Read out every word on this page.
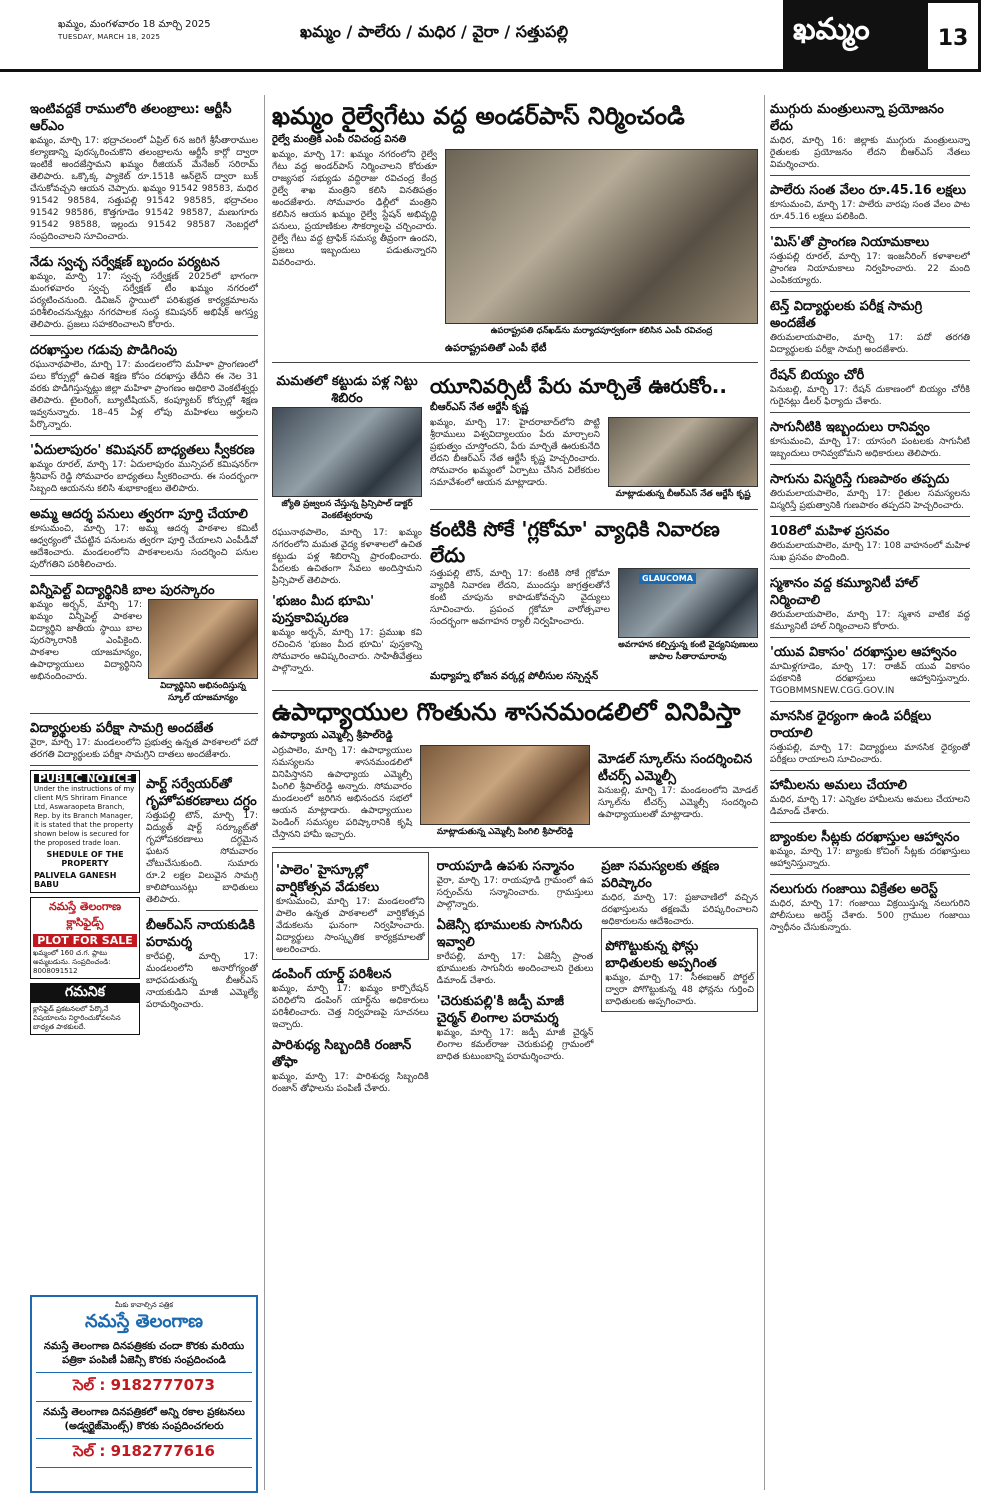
ఖమ్మం, మంగళవారం 18 మార్చి 2025
TUESDAY, MARCH 18, 2025	ఖమ్మం / పాలేరు / మధిర / వైరా / సత్తుపల్లి	ఖమ్మం	13
ఇంటివద్దకే రాములోరి తలంబ్రాలు: ఆర్టీసీ ఆర్‌ఎం
ఖమ్మం, మార్చి 17: భద్రాచలంలో ఏప్రిల్ 6న జరిగే శ్రీసీతారాముల కల్యాణాన్ని పురస్కరించుకొని తలంబ్రాలను ఆర్టీసీ కార్గో ద్వారా ఇంటికే అందజేస్తామని ఖమ్మం రీజియన్ మేనేజర్ సరిరామ్ తెలిపారు. ఒక్కొక్క ప్యాకెట్ రూ.151కి ఆన్‌లైన్ ద్వారా బుక్ చేసుకోవచ్చని ఆయన చెప్పారు. ఖమ్మం 91542 98583, మధిర 91542 98584, సత్తుపల్లి 91542 98585, భద్రాచలం 91542 98586, కొత్తగూడెం 91542 98587, మణుగూరు 91542 98588, ఇల్లందు 91542 98587 నెంబర్లలో సంప్రదించాలని సూచించారు.
నేడు స్వచ్ఛ సర్వేక్షణ్ బృందం పర్యటన
ఖమ్మం, మార్చి 17: స్వచ్ఛ సర్వేక్షణ్ 2025లో భాగంగా మంగళవారం స్వచ్ఛ సర్వేక్షణ్ టీం ఖమ్మం నగరంలో పర్యటించనుంది. డివిజన్ స్థాయిలో పరిశుభ్రత కార్యక్రమాలను పరిశీలించనున్నట్లు నగరపాలక సంస్థ కమిషనర్ అభిషేక్ అగస్త్య తెలిపారు. ప్రజలు సహకరించాలని కోరారు.
దరఖాస్తుల గడువు పొడిగింపు
రఘునాథపాలెం, మార్చి 17: మండలంలోని మహిళా ప్రాంగణంలో పలు కోర్సుల్లో ఉచిత శిక్షణ కోసం దరఖాస్తు తేదీని ఈ నెల 31 వరకు పొడిగిస్తున్నట్లు జిల్లా మహిళా ప్రాంగణం అధికారి వెంకటేశ్వర్లు తెలిపారు. టైలరింగ్, బ్యూటీషియన్, కంప్యూటర్ కోర్సుల్లో శిక్షణ ఇవ్వనున్నారు. 18–45 ఏళ్ల లోపు మహిళలు అర్హులని పేర్కొన్నారు.
'ఏదులాపురం' కమిషనర్ బాధ్యతలు స్వీకరణ
ఖమ్మం రూరల్, మార్చి 17: ఏదులాపురం మున్సిపల్ కమిషనర్‌గా శ్రీనివాస్ రెడ్డి సోమవారం బాధ్యతలు స్వీకరించారు. ఈ సందర్భంగా సిబ్బంది ఆయనను కలిసి శుభాకాంక్షలు తెలిపారు.
అమ్మ ఆదర్శ పనులు త్వరగా పూర్తి చేయాలి
కూసుమంచి, మార్చి 17: అమ్మ ఆదర్శ పాఠశాల కమిటీ ఆధ్వర్యంలో చేపట్టిన పనులను త్వరగా పూర్తి చేయాలని ఎంపీడీవో ఆదేశించారు. మండలంలోని పాఠశాలలను సందర్శించి పనుల పురోగతిని పరిశీలించారు.
విన్నీపెల్ట్ విద్యార్థినికి బాల పురస్కారం
ఖమ్మం అర్బన్, మార్చి 17: ఖమ్మం విన్నీపెల్ట్ పాఠశాల విద్యార్థిని జాతీయ స్థాయి బాల పురస్కారానికి ఎంపికైంది. పాఠశాల యాజమాన్యం, ఉపాధ్యాయులు విద్యార్థినిని అభినందించారు.
విద్యార్థినిని అభినందిస్తున్న స్కూల్ యాజమాన్యం
విద్యార్థులకు పరీక్షా సామగ్రి అందజేత
వైరా, మార్చి 17: మండలంలోని ప్రభుత్వ ఉన్నత పాఠశాలలో పదో తరగతి విద్యార్థులకు పరీక్షా సామగ్రిని దాతలు అందజేశారు.
PUBLIC NOTICE
Under the instructions of my client M/S Shriram Finance Ltd, Aswaraopeta Branch, Rep. by its Branch Manager, it is stated that the property shown below is secured for the proposed trade loan.
SHEDULE OF THE PROPERTY
PALIVELA GANESH BABU
నమస్తే తెలంగాణ క్లాసిఫైడ్స్
PLOT FOR SALE
ఖమ్మంలో 160 చ.గ. ప్లాటు అమ్మబడును. సంప్రదించండి: 8008091512
గమనిక
క్లాసిఫైడ్ ప్రకటనలలో పేర్కొనే విషయాలను నిర్ధారించుకోవలసిన బాధ్యత పాఠకులదే.
పార్ట్ సర్వేయర్‌తో గృహోపకరణాలు దగ్ధం
సత్తుపల్లి టౌన్, మార్చి 17: విద్యుత్ షార్ట్ సర్క్యూట్‌తో గృహోపకరణాలు దగ్ధమైన ఘటన సోమవారం చోటుచేసుకుంది. సుమారు రూ.2 లక్షల విలువైన సామగ్రి కాలిపోయినట్లు బాధితులు తెలిపారు.
బీఆర్ఎస్ నాయకుడికి పరామర్శ
కారేపల్లి, మార్చి 17: మండలంలోని అనారోగ్యంతో బాధపడుతున్న బీఆర్ఎస్ నాయకుడిని మాజీ ఎమ్మెల్యే పరామర్శించారు.
మీకు కావాల్సిన పత్రిక
నమస్తే తెలంగాణ
నమస్తే తెలంగాణ దినపత్రికకు చందా కొరకు మరియు పత్రికా పంపిణీ ఏజెన్సీ కొరకు సంప్రదించండి
సెల్ : 9182777073
నమస్తే తెలంగాణ దినపత్రికలో అన్ని రకాల ప్రకటనలు (అడ్వర్టైజ్‌మెంట్స్) కొరకు సంప్రదించగలరు
సెల్ : 9182777616
ఖమ్మం రైల్వేగేటు వద్ద అండర్‌పాస్ నిర్మించండి
రైల్వే మంత్రికి ఎంపీ రవిచంద్ర వినతి
ఖమ్మం, మార్చి 17: ఖమ్మం నగరంలోని రైల్వే గేటు వద్ద అండర్‌పాస్ నిర్మించాలని కోరుతూ రాజ్యసభ సభ్యుడు వద్దిరాజు రవిచంద్ర కేంద్ర రైల్వే శాఖ మంత్రిని కలిసి వినతిపత్రం అందజేశారు. సోమవారం ఢిల్లీలో మంత్రిని కలిసిన ఆయన ఖమ్మం రైల్వే స్టేషన్ అభివృద్ధి పనులు, ప్రయాణికుల సౌకర్యాలపై చర్చించారు. రైల్వే గేటు వద్ద ట్రాఫిక్ సమస్య తీవ్రంగా ఉందని, ప్రజలు ఇబ్బందులు పడుతున్నారని వివరించారు.
ఉపరాష్ట్రపతి ధన్‌ఖడ్‌ను మర్యాదపూర్వకంగా కలిసిన ఎంపీ రవిచంద్ర
ఉపరాష్ట్రపతితో ఎంపీ భేటీ
మమతలో కట్టుడు పళ్ల నిట్టు శిబిరం
జ్యోతి ప్రజ్వలన చేస్తున్న ప్రిన్సిపాల్ డాక్టర్ వెంకటేశ్వరరావు
రఘునాథపాలెం, మార్చి 17: ఖమ్మం నగరంలోని మమత వైద్య కళాశాలలో ఉచిత కట్టుడు పళ్ల శిబిరాన్ని ప్రారంభించారు. పేదలకు ఉచితంగా సేవలు అందిస్తామని ప్రిన్సిపాల్ తెలిపారు.
'భుజం మీద భూమి' పుస్తకావిష్కరణ
ఖమ్మం అర్బన్, మార్చి 17: ప్రముఖ కవి రచించిన 'భుజం మీద భూమి' పుస్తకాన్ని సోమవారం ఆవిష్కరించారు. సాహితీవేత్తలు పాల్గొన్నారు.
యూనివర్సిటీ పేరు మార్చితే ఊరుకోం..
బీఆర్ఎస్ నేత ఆర్జేసీ కృష్ణ
ఖమ్మం, మార్చి 17: హైదరాబాద్‌లోని పొట్టి శ్రీరాములు విశ్వవిద్యాలయం పేరు మార్చాలని ప్రభుత్వం చూస్తోందని, పేరు మార్చితే ఊరుకునేది లేదని బీఆర్ఎస్ నేత ఆర్జేసీ కృష్ణ హెచ్చరించారు. సోమవారం ఖమ్మంలో ఏర్పాటు చేసిన విలేకరుల సమావేశంలో ఆయన మాట్లాడారు.
మాట్లాడుతున్న బీఆర్ఎస్ నేత ఆర్జేసీ కృష్ణ
కంటికి సోకే 'గ్లకోమా' వ్యాధికి నివారణ లేదు
సత్తుపల్లి టౌన్, మార్చి 17: కంటికి సోకే గ్లకోమా వ్యాధికి నివారణ లేదని, ముందస్తు జాగ్రత్తలతోనే కంటి చూపును కాపాడుకోవచ్చని వైద్యులు సూచించారు. ప్రపంచ గ్లకోమా వారోత్సవాల సందర్భంగా అవగాహన ర్యాలీ నిర్వహించారు.
GLAUCOMA
అవగాహన కల్పిస్తున్న కంటి వైద్యనిపుణులు జాపాల సీతారామారావు
మధ్యాహ్న భోజన వర్కర్ల పోలీసుల సస్పెన్షన్
ఉపాధ్యాయుల గొంతును శాసనమండలిలో వినిపిస్తా
ఉపాధ్యాయ ఎమ్మెల్సీ శ్రీపాల్‌రెడ్డి
ఎర్రుపాలెం, మార్చి 17: ఉపాధ్యాయుల సమస్యలను శాసనమండలిలో వినిపిస్తానని ఉపాధ్యాయ ఎమ్మెల్సీ పింగిలి శ్రీపాల్‌రెడ్డి అన్నారు. సోమవారం మండలంలో జరిగిన అభినందన సభలో ఆయన మాట్లాడారు. ఉపాధ్యాయుల పెండింగ్ సమస్యల పరిష్కారానికి కృషి చేస్తానని హామీ ఇచ్చారు.	మాట్లాడుతున్న ఎమ్మెల్సీ పింగిలి శ్రీపాల్‌రెడ్డి
మోడల్ స్కూల్‌ను సందర్శించిన టీచర్స్ ఎమ్మెల్సీ
పెనుబల్లి, మార్చి 17: మండలంలోని మోడల్ స్కూల్‌ను టీచర్స్ ఎమ్మెల్సీ సందర్శించి ఉపాధ్యాయులతో మాట్లాడారు.
'పాలెం' హైస్కూల్లో వార్షికోత్సవ వేడుకలు
కూసుమంచి, మార్చి 17: మండలంలోని పాలెం ఉన్నత పాఠశాలలో వార్షికోత్సవ వేడుకలను ఘనంగా నిర్వహించారు. విద్యార్థులు సాంస్కృతిక కార్యక్రమాలతో అలరించారు.
డంపింగ్ యార్డ్ పరిశీలన
ఖమ్మం, మార్చి 17: ఖమ్మం కార్పొరేషన్ పరిధిలోని డంపింగ్ యార్డ్‌ను అధికారులు పరిశీలించారు. చెత్త నిర్వహణపై సూచనలు ఇచ్చారు.
పారిశుధ్య సిబ్బందికి రంజాన్ తోఫా
ఖమ్మం, మార్చి 17: పారిశుధ్య సిబ్బందికి రంజాన్ తోఫాలను పంపిణీ చేశారు.
రాయపూడి ఉపశు సన్మానం
వైరా, మార్చి 17: రాయపూడి గ్రామంలో ఉప సర్పంచ్‌ను సన్మానించారు. గ్రామస్తులు పాల్గొన్నారు.
ఏజెన్సీ భూములకు సాగునీరు ఇవ్వాలి
కారేపల్లి, మార్చి 17: ఏజెన్సీ ప్రాంత భూములకు సాగునీరు అందించాలని రైతులు డిమాండ్ చేశారు.
'చెరుకుపల్లి'కి జడ్పీ మాజీ చైర్మన్ లింగాల పరామర్శ
ఖమ్మం, మార్చి 17: జడ్పీ మాజీ చైర్మన్ లింగాల కమల్‌రాజు చెరుకుపల్లి గ్రామంలో బాధిత కుటుంబాన్ని పరామర్శించారు.
ప్రజా సమస్యలకు తక్షణ పరిష్కారం
మధిర, మార్చి 17: ప్రజావాణిలో వచ్చిన దరఖాస్తులను తక్షణమే పరిష్కరించాలని అధికారులను ఆదేశించారు.
పోగొట్టుకున్న ఫోన్లు బాధితులకు అప్పగింత
ఖమ్మం, మార్చి 17: సీఈఐఆర్ పోర్టల్ ద్వారా పోగొట్టుకున్న 48 ఫోన్లను గుర్తించి బాధితులకు అప్పగించారు.
ముగ్గురు మంత్రులున్నా ప్రయోజనం లేదు
మధిర, మార్చి 16: జిల్లాకు ముగ్గురు మంత్రులున్నా రైతులకు ప్రయోజనం లేదని బీఆర్ఎస్ నేతలు విమర్శించారు.
పాలేరు సంత వేలం రూ.45.16 లక్షలు
కూసుమంచి, మార్చి 17: పాలేరు వారపు సంత వేలం పాట రూ.45.16 లక్షలు పలికింది.
'మిస్'తో ప్రాంగణ నియామకాలు
సత్తుపల్లి రూరల్, మార్చి 17: ఇంజనీరింగ్ కళాశాలలో ప్రాంగణ నియామకాలు నిర్వహించారు. 22 మంది ఎంపికయ్యారు.
టెన్త్ విద్యార్థులకు పరీక్ష సామగ్రి అందజేత
తిరుమలాయపాలెం, మార్చి 17: పదో తరగతి విద్యార్థులకు పరీక్షా సామగ్రి అందజేశారు.
రేషన్ బియ్యం చోరీ
పెనుబల్లి, మార్చి 17: రేషన్ దుకాణంలో బియ్యం చోరీకి గురైనట్లు డీలర్ ఫిర్యాదు చేశారు.
సాగునీటికి ఇబ్బందులు రానివ్వం
కూసుమంచి, మార్చి 17: యాసంగి పంటలకు సాగునీటి ఇబ్బందులు రానివ్వబోమని అధికారులు తెలిపారు.
సాగును విస్మరిస్తే గుణపాఠం తప్పదు
తిరుమలాయపాలెం, మార్చి 17: రైతుల సమస్యలను విస్మరిస్తే ప్రభుత్వానికి గుణపాఠం తప్పదని హెచ్చరించారు.
108లో మహిళ ప్రసవం
తిరుమలాయపాలెం, మార్చి 17: 108 వాహనంలో మహిళ సుఖ ప్రసవం పొందింది.
స్మశానం వద్ద కమ్యూనిటీ హాల్ నిర్మించాలి
తిరుమలాయపాలెం, మార్చి 17: స్మశాన వాటిక వద్ద కమ్యూనిటీ హాల్ నిర్మించాలని కోరారు.
'యువ వికాసం' దరఖాస్తుల ఆహ్వానం
మామిళ్లగూడెం, మార్చి 17: రాజీవ్ యువ వికాసం పథకానికి దరఖాస్తులు ఆహ్వానిస్తున్నారు. TGOBMMSNEW.CGG.GOV.IN
మానసిక ధైర్యంగా ఉండి పరీక్షలు రాయాలి
సత్తుపల్లి, మార్చి 17: విద్యార్థులు మానసిక ధైర్యంతో పరీక్షలు రాయాలని సూచించారు.
హామీలను అమలు చేయాలి
మధిర, మార్చి 17: ఎన్నికల హామీలను అమలు చేయాలని డిమాండ్ చేశారు.
బ్యాంకుల సీట్లకు దరఖాస్తుల ఆహ్వానం
ఖమ్మం, మార్చి 17: బ్యాంకు కోచింగ్ సీట్లకు దరఖాస్తులు ఆహ్వానిస్తున్నారు.
నలుగురు గంజాయి విక్రేతల అరెస్ట్
మధిర, మార్చి 17: గంజాయి విక్రయిస్తున్న నలుగురిని పోలీసులు అరెస్ట్ చేశారు. 500 గ్రాముల గంజాయి స్వాధీనం చేసుకున్నారు.
